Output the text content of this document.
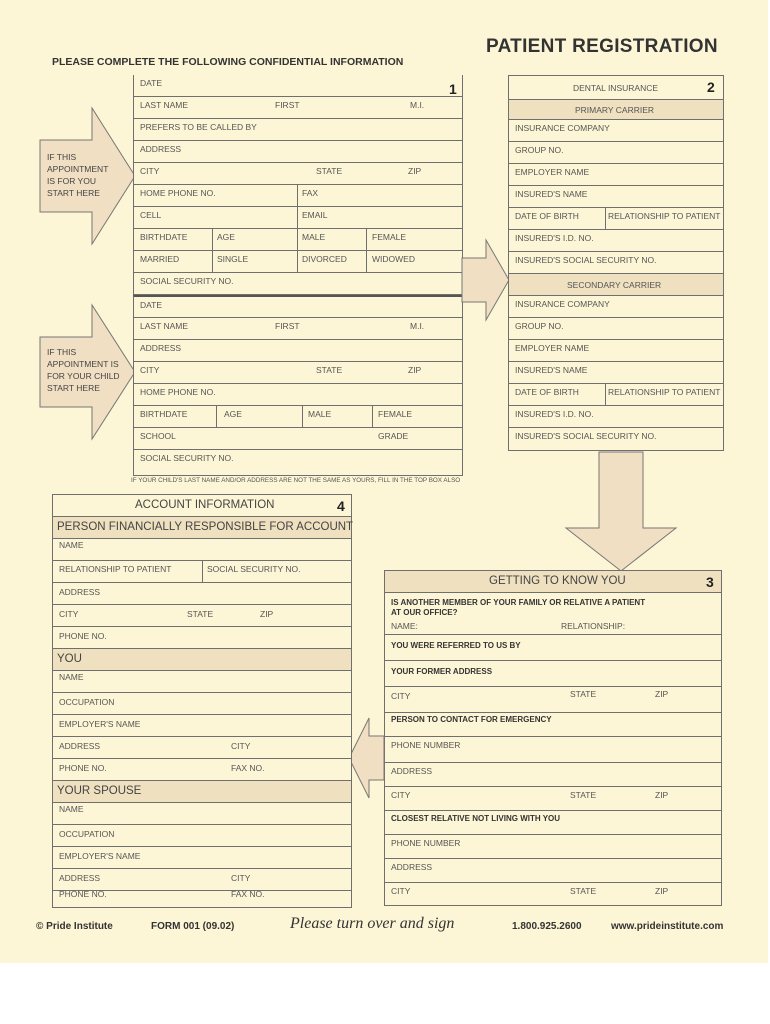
PLEASE COMPLETE THE FOLLOWING CONFIDENTIAL INFORMATION
PATIENT REGISTRATION
IF THIS APPOINTMENT IS FOR YOU START HERE
IF THIS APPOINTMENT IS FOR YOUR CHILD START HERE
DATE	1
LAST NAME	FIRST	M.I.
PREFERS TO BE CALLED BY
ADDRESS
CITY	STATE	ZIP
HOME PHONE NO.	FAX
CELL	EMAIL
BIRTHDATE	AGE	MALE	FEMALE
MARRIED	SINGLE	DIVORCED	WIDOWED
SOCIAL SECURITY NO.
DATE
LAST NAME	FIRST	M.I.
ADDRESS
CITY	STATE	ZIP
HOME PHONE NO.
BIRTHDATE	AGE	MALE	FEMALE
SCHOOL	GRADE
SOCIAL SECURITY NO.
IF YOUR CHILD'S LAST NAME AND/OR ADDRESS ARE NOT THE SAME AS YOURS, FILL IN THE TOP BOX ALSO
DENTAL INSURANCE	2
PRIMARY CARRIER
INSURANCE COMPANY
GROUP NO.
EMPLOYER NAME
INSURED'S NAME
DATE OF BIRTH	RELATIONSHIP TO PATIENT
INSURED'S I.D. NO.
INSURED'S SOCIAL SECURITY NO.
SECONDARY CARRIER
INSURANCE COMPANY
GROUP NO.
EMPLOYER NAME
INSURED'S NAME
DATE OF BIRTH	RELATIONSHIP TO PATIENT
INSURED'S I.D. NO.
INSURED'S SOCIAL SECURITY NO.
GETTING TO KNOW YOU	3
IS ANOTHER MEMBER OF YOUR FAMILY OR RELATIVE A PATIENT
AT OUR OFFICE?
NAME:	RELATIONSHIP:
YOU WERE REFERRED TO US BY
YOUR FORMER ADDRESS
CITY	STATE	ZIP
PERSON TO CONTACT FOR EMERGENCY
PHONE NUMBER
ADDRESS
CITY	STATE	ZIP
CLOSEST RELATIVE NOT LIVING WITH YOU
PHONE NUMBER
ADDRESS
CITY	STATE	ZIP
ACCOUNT INFORMATION	4
PERSON FINANCIALLY RESPONSIBLE FOR ACCOUNT
NAME
RELATIONSHIP TO PATIENT	SOCIAL SECURITY NO.
ADDRESS
CITY	STATE	ZIP
PHONE NO.
YOU
NAME
OCCUPATION
EMPLOYER'S NAME
ADDRESS	CITY
PHONE NO.	FAX NO.
YOUR SPOUSE
NAME
OCCUPATION
EMPLOYER'S NAME
ADDRESS	CITY
PHONE NO.	FAX NO.
© Pride Institute	FORM 001 (09.02)	Please turn over and sign	1.800.925.2600	www.prideinstitute.com
